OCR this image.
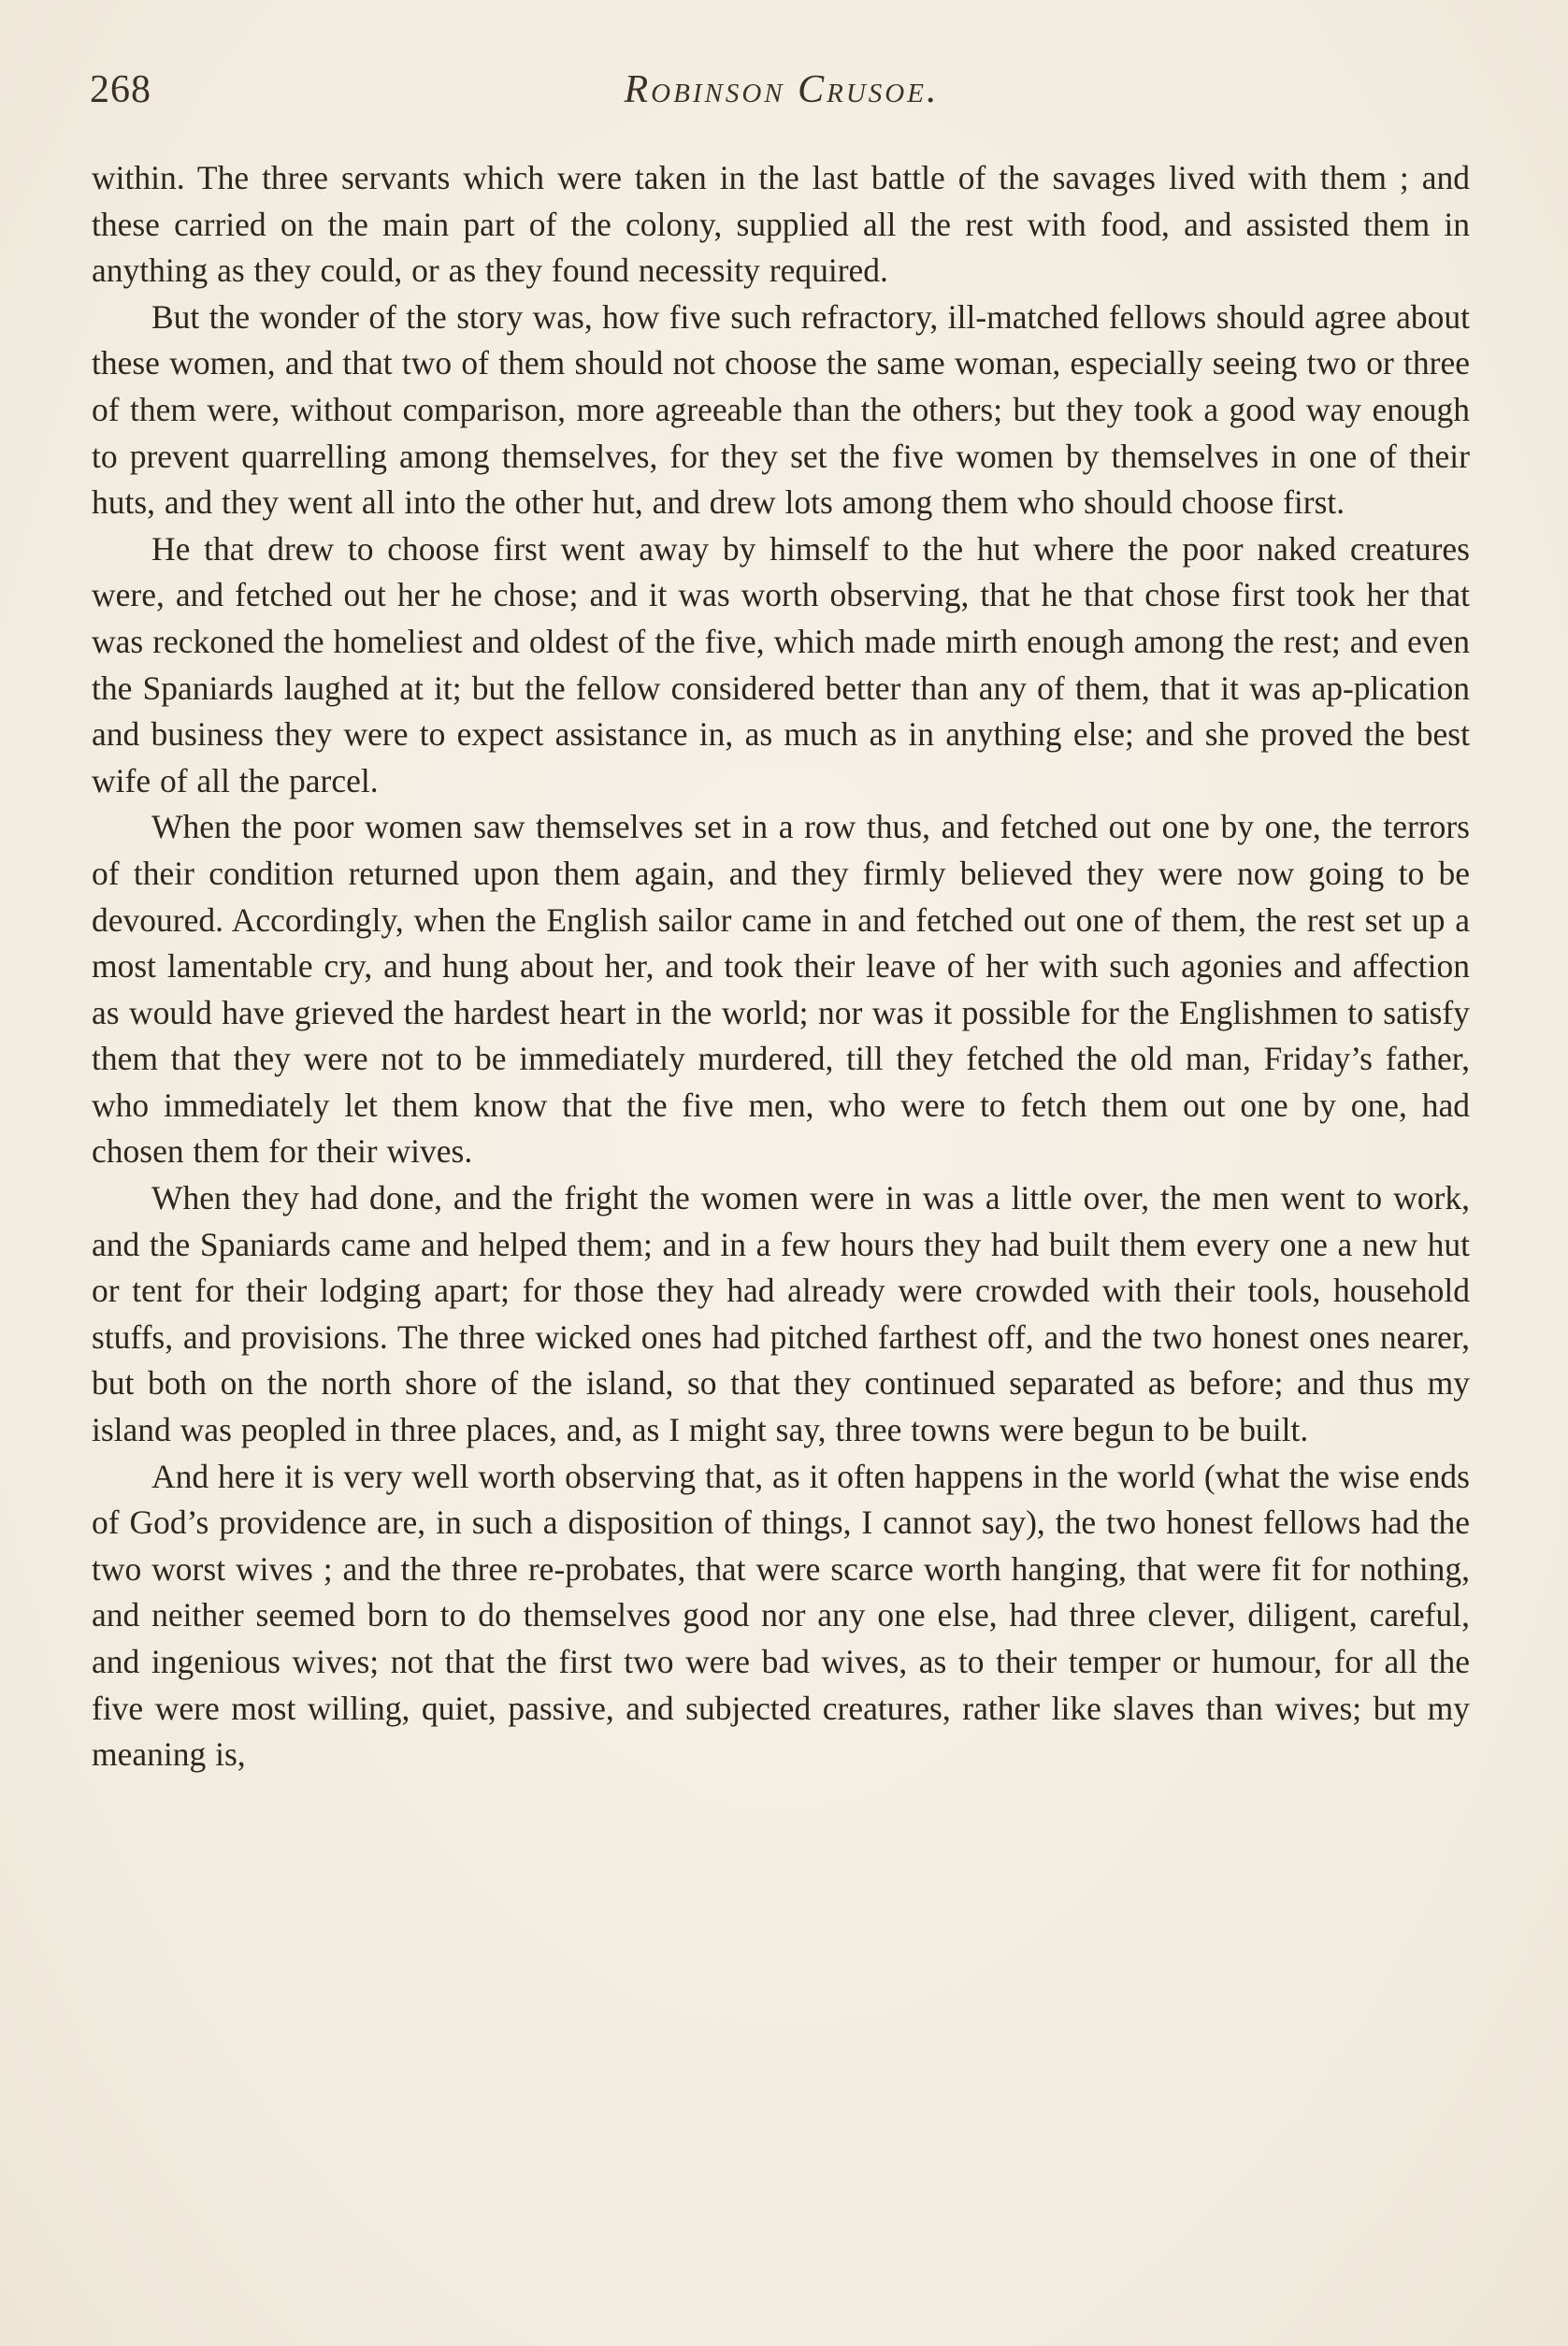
268	Robinson Crusoe.

within. The three servants which were taken in the last battle of the savages lived with them ; and these carried on the main part of the colony, supplied all the rest with food, and assisted them in anything as they could, or as they found necessity required.

But the wonder of the story was, how five such refractory, ill-matched fellows should agree about these women, and that two of them should not choose the same woman, especially seeing two or three of them were, without comparison, more agreeable than the others; but they took a good way enough to prevent quarrelling among themselves, for they set the five women by themselves in one of their huts, and they went all into the other hut, and drew lots among them who should choose first.

He that drew to choose first went away by himself to the hut where the poor naked creatures were, and fetched out her he chose; and it was worth observing, that he that chose first took her that was reckoned the homeliest and oldest of the five, which made mirth enough among the rest; and even the Spaniards laughed at it; but the fellow considered better than any of them, that it was ap-plication and business they were to expect assistance in, as much as in anything else; and she proved the best wife of all the parcel.

When the poor women saw themselves set in a row thus, and fetched out one by one, the terrors of their condition returned upon them again, and they firmly believed they were now going to be devoured. Accordingly, when the English sailor came in and fetched out one of them, the rest set up a most lamentable cry, and hung about her, and took their leave of her with such agonies and affection as would have grieved the hardest heart in the world; nor was it possible for the Englishmen to satisfy them that they were not to be immediately murdered, till they fetched the old man, Friday’s father, who immediately let them know that the five men, who were to fetch them out one by one, had chosen them for their wives.

When they had done, and the fright the women were in was a little over, the men went to work, and the Spaniards came and helped them; and in a few hours they had built them every one a new hut or tent for their lodging apart; for those they had already were crowded with their tools, household stuffs, and provisions. The three wicked ones had pitched farthest off, and the two honest ones nearer, but both on the north shore of the island, so that they continued separated as before; and thus my island was peopled in three places, and, as I might say, three towns were begun to be built.

And here it is very well worth observing that, as it often happens in the world (what the wise ends of God’s providence are, in such a disposition of things, I cannot say), the two honest fellows had the two worst wives ; and the three re-probates, that were scarce worth hanging, that were fit for nothing, and neither seemed born to do themselves good nor any one else, had three clever, diligent, careful, and ingenious wives; not that the first two were bad wives, as to their temper or humour, for all the five were most willing, quiet, passive, and subjected creatures, rather like slaves than wives; but my meaning is,
